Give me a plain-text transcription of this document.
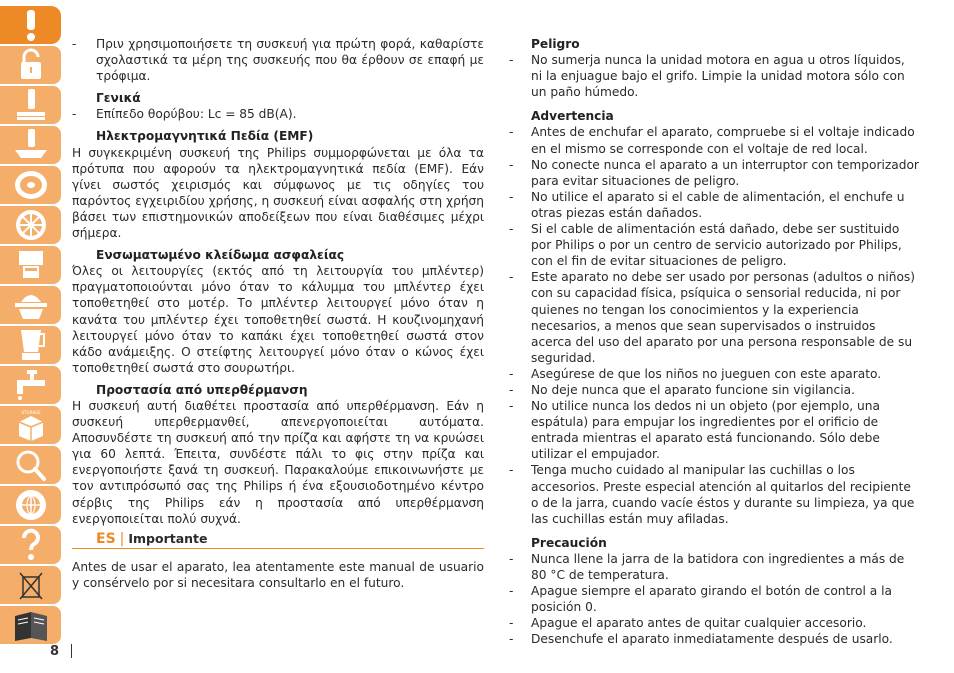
STORAGE
8
-	Πριν χρησιμοποιήσετε τη συσκευή για πρώτη φορά, καθαρίστε σχολαστικά τα μέρη της συσκευής που θα έρθουν σε επαφή με τρόφιμα.
Γενικά
-	Επίπεδο θορύβου: Lc = 85 dB(A).
Ηλεκτρομαγνητικά Πεδία (EMF)

Η συγκεκριμένη συσκευή της Philips συμμορφώνεται με όλα τα πρότυπα που αφορούν τα ηλεκτρομαγνητικά πεδία (EMF). Εάν γίνει σωστός χειρισμός και σύμφωνος με τις οδηγίες του παρόντος εγχειριδίου χρήσης, η συσκευή είναι ασφαλής στη χρήση βάσει των επιστημονικών αποδείξεων που είναι διαθέσιμες μέχρι σήμερα.

Ενσωματωμένο κλείδωμα ασφαλείας

Όλες οι λειτουργίες (εκτός από τη λειτουργία του μπλέντερ) πραγματοποιούνται μόνο όταν το κάλυμμα του μπλέντερ έχει τοποθετηθεί στο μοτέρ. Το μπλέντερ λειτουργεί μόνο όταν η κανάτα του μπλέντερ έχει τοποθετηθεί σωστά. Η κουζινομηχανή λειτουργεί μόνο όταν το καπάκι έχει τοποθετηθεί σωστά στον κάδο ανάμειξης. Ο στείφτης λειτουργεί μόνο όταν ο κώνος έχει τοποθετηθεί σωστά στο σουρωτήρι.

Προστασία από υπερθέρμανση

Η συσκευή αυτή διαθέτει προστασία από υπερθέρμανση. Εάν η συσκευή υπερθερμανθεί, απενεργοποιείται αυτόματα. Αποσυνδέστε τη συσκευή από την πρίζα και αφήστε τη να κρυώσει για 60 λεπτά. Έπειτα, συνδέστε πάλι το φις στην πρίζα και ενεργοποιήστε ξανά τη συσκευή. Παρακαλούμε επικοινωνήστε με τον αντιπρόσωπό σας της Philips ή ένα εξουσιοδοτημένο κέντρο σέρβις της Philips εάν η προστασία από υπερθέρμανση ενεργοποιείται πολύ συχνά.

ES | Importante

Antes de usar el aparato, lea atentamente este manual de usuario y consérvelo por si necesitara consultarlo en el futuro.

Peligro
-	No sumerja nunca la unidad motora en agua u otros líquidos, ni la enjuague bajo el grifo. Limpie la unidad motora sólo con un paño húmedo.
Advertencia
-	Antes de enchufar el aparato, compruebe si el voltaje indicado en el mismo se corresponde con el voltaje de red local.
-	No conecte nunca el aparato a un interruptor con temporizador para evitar situaciones de peligro.
-	No utilice el aparato si el cable de alimentación, el enchufe u otras piezas están dañados.
-	Si el cable de alimentación está dañado, debe ser sustituido por Philips o por un centro de servicio autorizado por Philips, con el fin de evitar situaciones de peligro.
-	Este aparato no debe ser usado por personas (adultos o niños) con su capacidad física, psíquica o sensorial reducida, ni por quienes no tengan los conocimientos y la experiencia necesarios, a menos que sean supervisados o instruidos acerca del uso del aparato por una persona responsable de su seguridad.
-	Asegúrese de que los niños no jueguen con este aparato.
-	No deje nunca que el aparato funcione sin vigilancia.
-	No utilice nunca los dedos ni un objeto (por ejemplo, una espátula) para empujar los ingredientes por el orificio de entrada mientras el aparato está funcionando. Sólo debe utilizar el empujador.
-	Tenga mucho cuidado al manipular las cuchillas o los accesorios. Preste especial atención al quitarlos del recipiente o de la jarra, cuando vacíe éstos y durante su limpieza, ya que las cuchillas están muy afiladas.
Precaución
-	Nunca llene la jarra de la batidora con ingredientes a más de 80 °C de temperatura.
-	Apague siempre el aparato girando el botón de control a la posición 0.
-	Apague el aparato antes de quitar cualquier accesorio.
-	Desenchufe el aparato inmediatamente después de usarlo.
